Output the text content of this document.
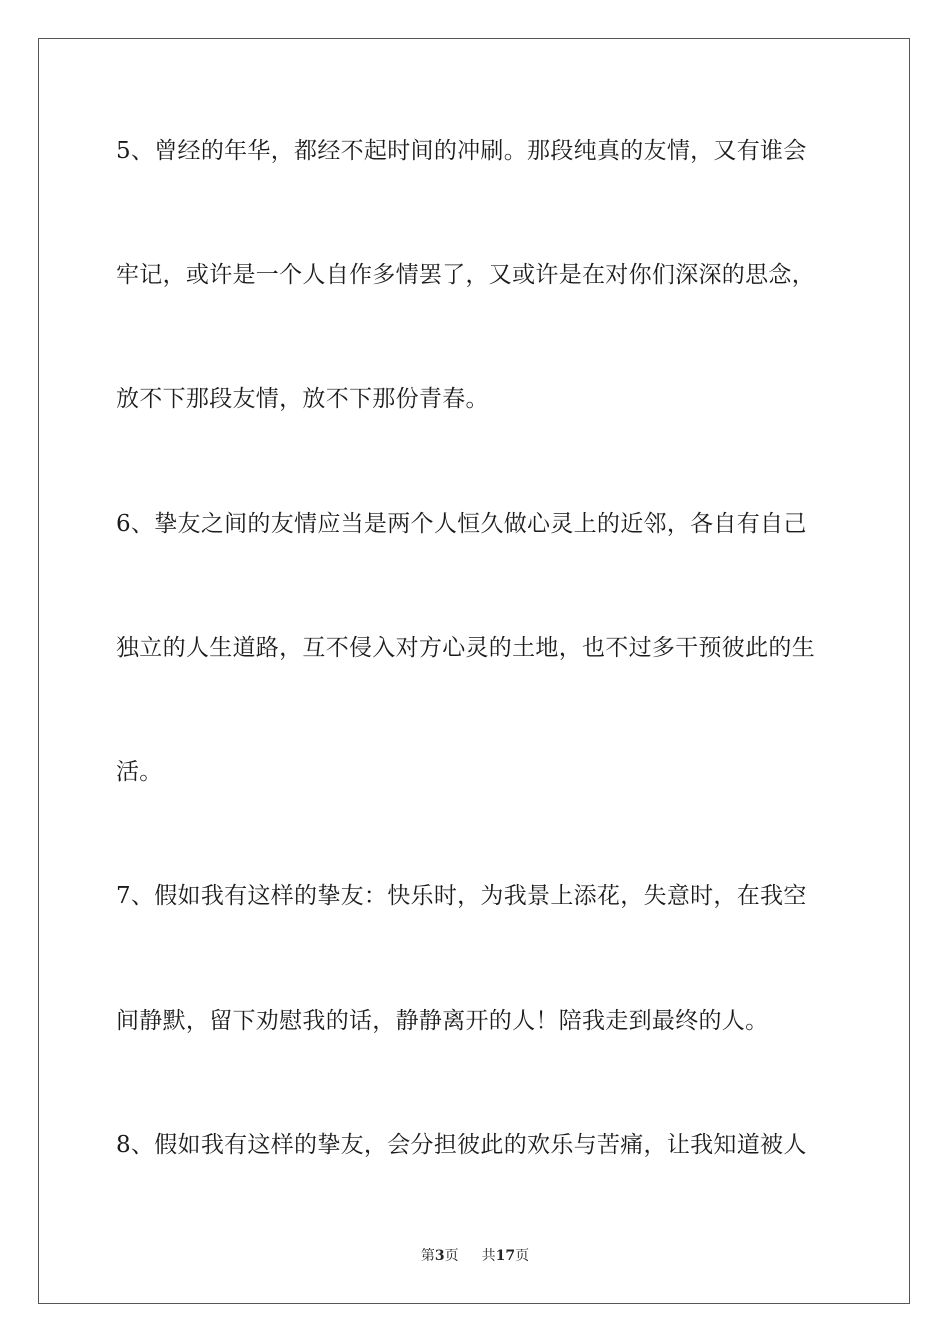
5、曾经的年华，都经不起时间的冲刷。那段纯真的友情，又有谁会
牢记，或许是一个人自作多情罢了，又或许是在对你们深深的思念，
放不下那段友情，放不下那份青春。
6、挚友之间的友情应当是两个人恒久做心灵上的近邻，各自有自己
独立的人生道路，互不侵入对方心灵的土地，也不过多干预彼此的生
活。
7、假如我有这样的挚友：快乐时，为我景上添花，失意时，在我空
间静默，留下劝慰我的话，静静离开的人！陪我走到最终的人。
8、假如我有这样的挚友，会分担彼此的欢乐与苦痛，让我知道被人
第3页 共17页
